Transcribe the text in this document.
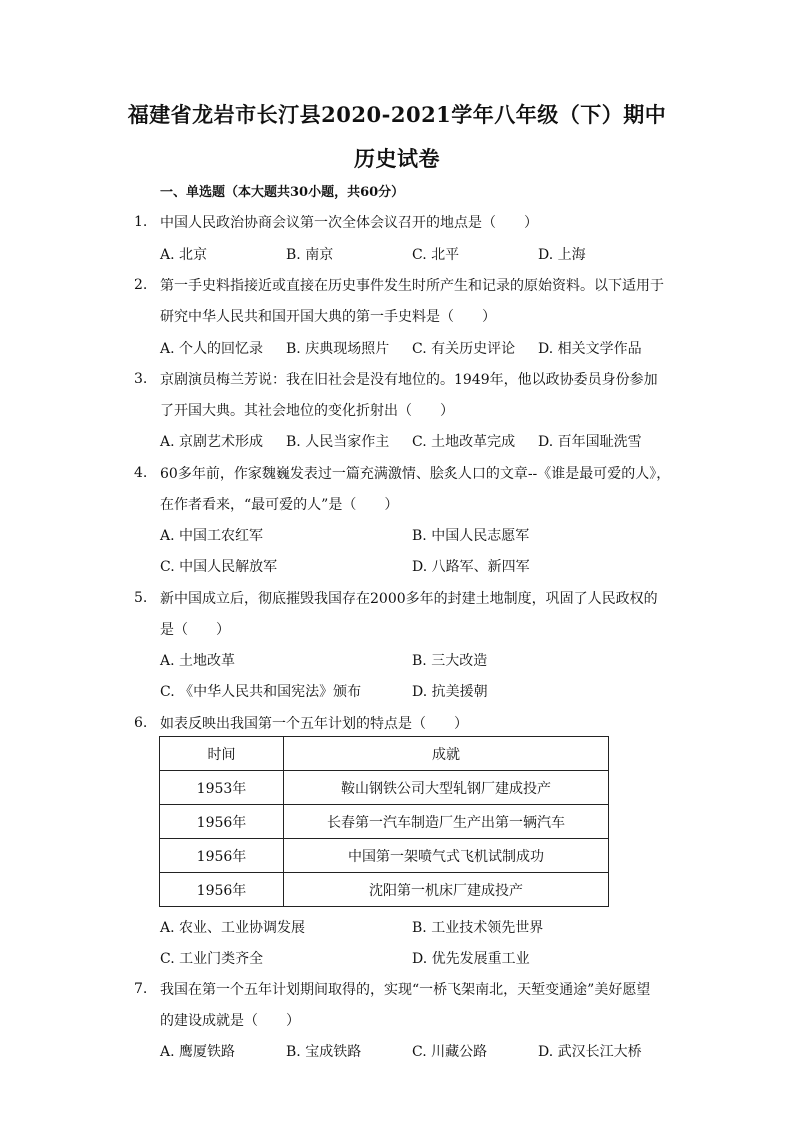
福建省龙岩市长汀县2020-2021学年八年级（下）期中
历史试卷
一、单选题（本大题共30小题，共60分）
1. 中国人民政治协商会议第一次全体会议召开的地点是（　　）
A. 北京	B. 南京	C. 北平	D. 上海
2. 第一手史料指接近或直接在历史事件发生时所产生和记录的原始资料。以下适用于
研究中华人民共和国开国大典的第一手史料是（　　）
A. 个人的回忆录 B. 庆典现场照片 C. 有关历史评论 D. 相关文学作品
3. 京剧演员梅兰芳说：我在旧社会是没有地位的。1949年，他以政协委员身份参加
了开国大典。其社会地位的变化折射出（　　）
A. 京剧艺术形成 B. 人民当家作主 C. 土地改革完成 D. 百年国耻洗雪
4. 60多年前，作家魏巍发表过一篇充满激情、脍炙人口的文章--《谁是最可爱的人》，
在作者看来，“最可爱的人”是（　　）
A. 中国工农红军	B. 中国人民志愿军
C. 中国人民解放军	D. 八路军、新四军
5. 新中国成立后，彻底摧毁我国存在2000多年的封建土地制度，巩固了人民政权的
是（　　）
A. 土地改革	B. 三大改造
C. 《中华人民共和国宪法》颁布	D. 抗美援朝
6. 如表反映出我国第一个五年计划的特点是（　　）
时间	成就
1953年	鞍山钢铁公司大型轧钢厂建成投产
1956年	长春第一汽车制造厂生产出第一辆汽车
1956年	中国第一架喷气式飞机试制成功
1956年	沈阳第一机床厂建成投产
A. 农业、工业协调发展	B. 工业技术领先世界
C. 工业门类齐全	D. 优先发展重工业
7. 我国在第一个五年计划期间取得的，实现“一桥飞架南北，天堑变通途”美好愿望
的建设成就是（　　）
A. 鹰厦铁路	B. 宝成铁路	C. 川藏公路	D. 武汉长江大桥
